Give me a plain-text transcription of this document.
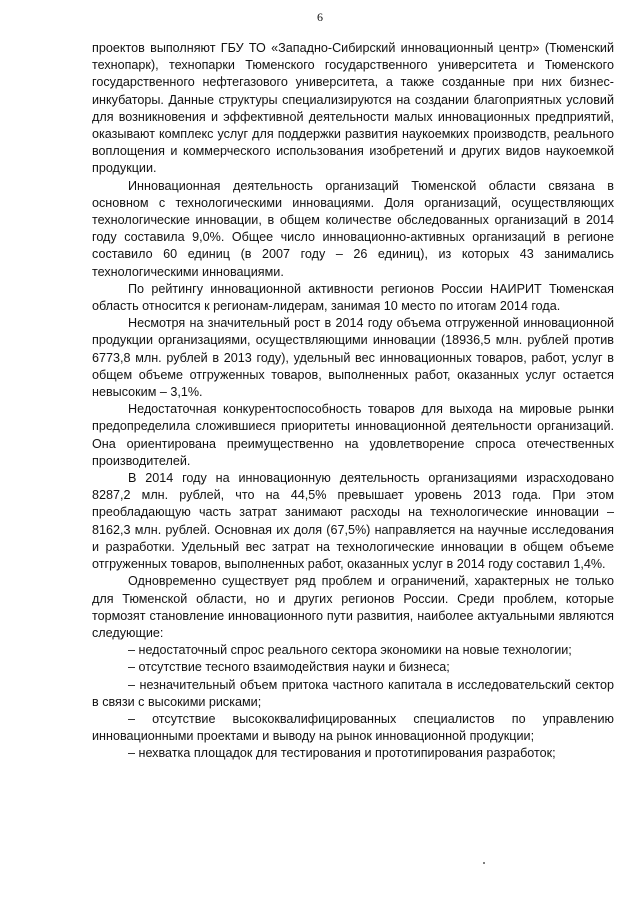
6

проектов выполняют ГБУ ТО «Западно-Сибирский инновационный центр» (Тюменский технопарк), технопарки Тюменского государственного университета и Тюменского государственного нефтегазового университета, а также созданные при них бизнес-инкубаторы. Данные структуры специализируются на создании благоприятных условий для возникновения и эффективной деятельности малых инновационных предприятий, оказывают комплекс услуг для поддержки развития наукоемких производств, реального воплощения и коммерческого использования изобретений и других видов наукоемкой продукции.

Инновационная деятельность организаций Тюменской области связана в основном с технологическими инновациями. Доля организаций, осуществляющих технологические инновации, в общем количестве обследованных организаций в 2014 году составила 9,0%. Общее число инновационно-активных организаций в регионе составило 60 единиц (в 2007 году – 26 единиц), из которых 43 занимались технологическими инновациями.

По рейтингу инновационной активности регионов России НАИРИТ Тюменская область относится к регионам-лидерам, занимая 10 место по итогам 2014 года.

Несмотря на значительный рост в 2014 году объема отгруженной инновационной продукции организациями, осуществляющими инновации (18936,5 млн. рублей против 6773,8 млн. рублей в 2013 году), удельный вес инновационных товаров, работ, услуг в общем объеме отгруженных товаров, выполненных работ, оказанных услуг остается невысоким – 3,1%.

Недостаточная конкурентоспособность товаров для выхода на мировые рынки предопределила сложившиеся приоритеты инновационной деятельности организаций. Она ориентирована преимущественно на удовлетворение спроса отечественных производителей.

В 2014 году на инновационную деятельность организациями израсходовано 8287,2 млн. рублей, что на 44,5% превышает уровень 2013 года. При этом преобладающую часть затрат занимают расходы на технологические инновации – 8162,3 млн. рублей. Основная их доля (67,5%) направляется на научные исследования и разработки. Удельный вес затрат на технологические инновации в общем объеме отгруженных товаров, выполненных работ, оказанных услуг в 2014 году составил 1,4%.

Одновременно существует ряд проблем и ограничений, характерных не только для Тюменской области, но и других регионов России. Среди проблем, которые тормозят становление инновационного пути развития, наиболее актуальными являются следующие:

– недостаточный спрос реального сектора экономики на новые технологии;

– отсутствие тесного взаимодействия науки и бизнеса;

– незначительный объем притока частного капитала в исследовательский сектор в связи с высокими рисками;

– отсутствие высококвалифицированных специалистов по управлению инновационными проектами и выводу на рынок инновационной продукции;

– нехватка площадок для тестирования и прототипирования разработок;
